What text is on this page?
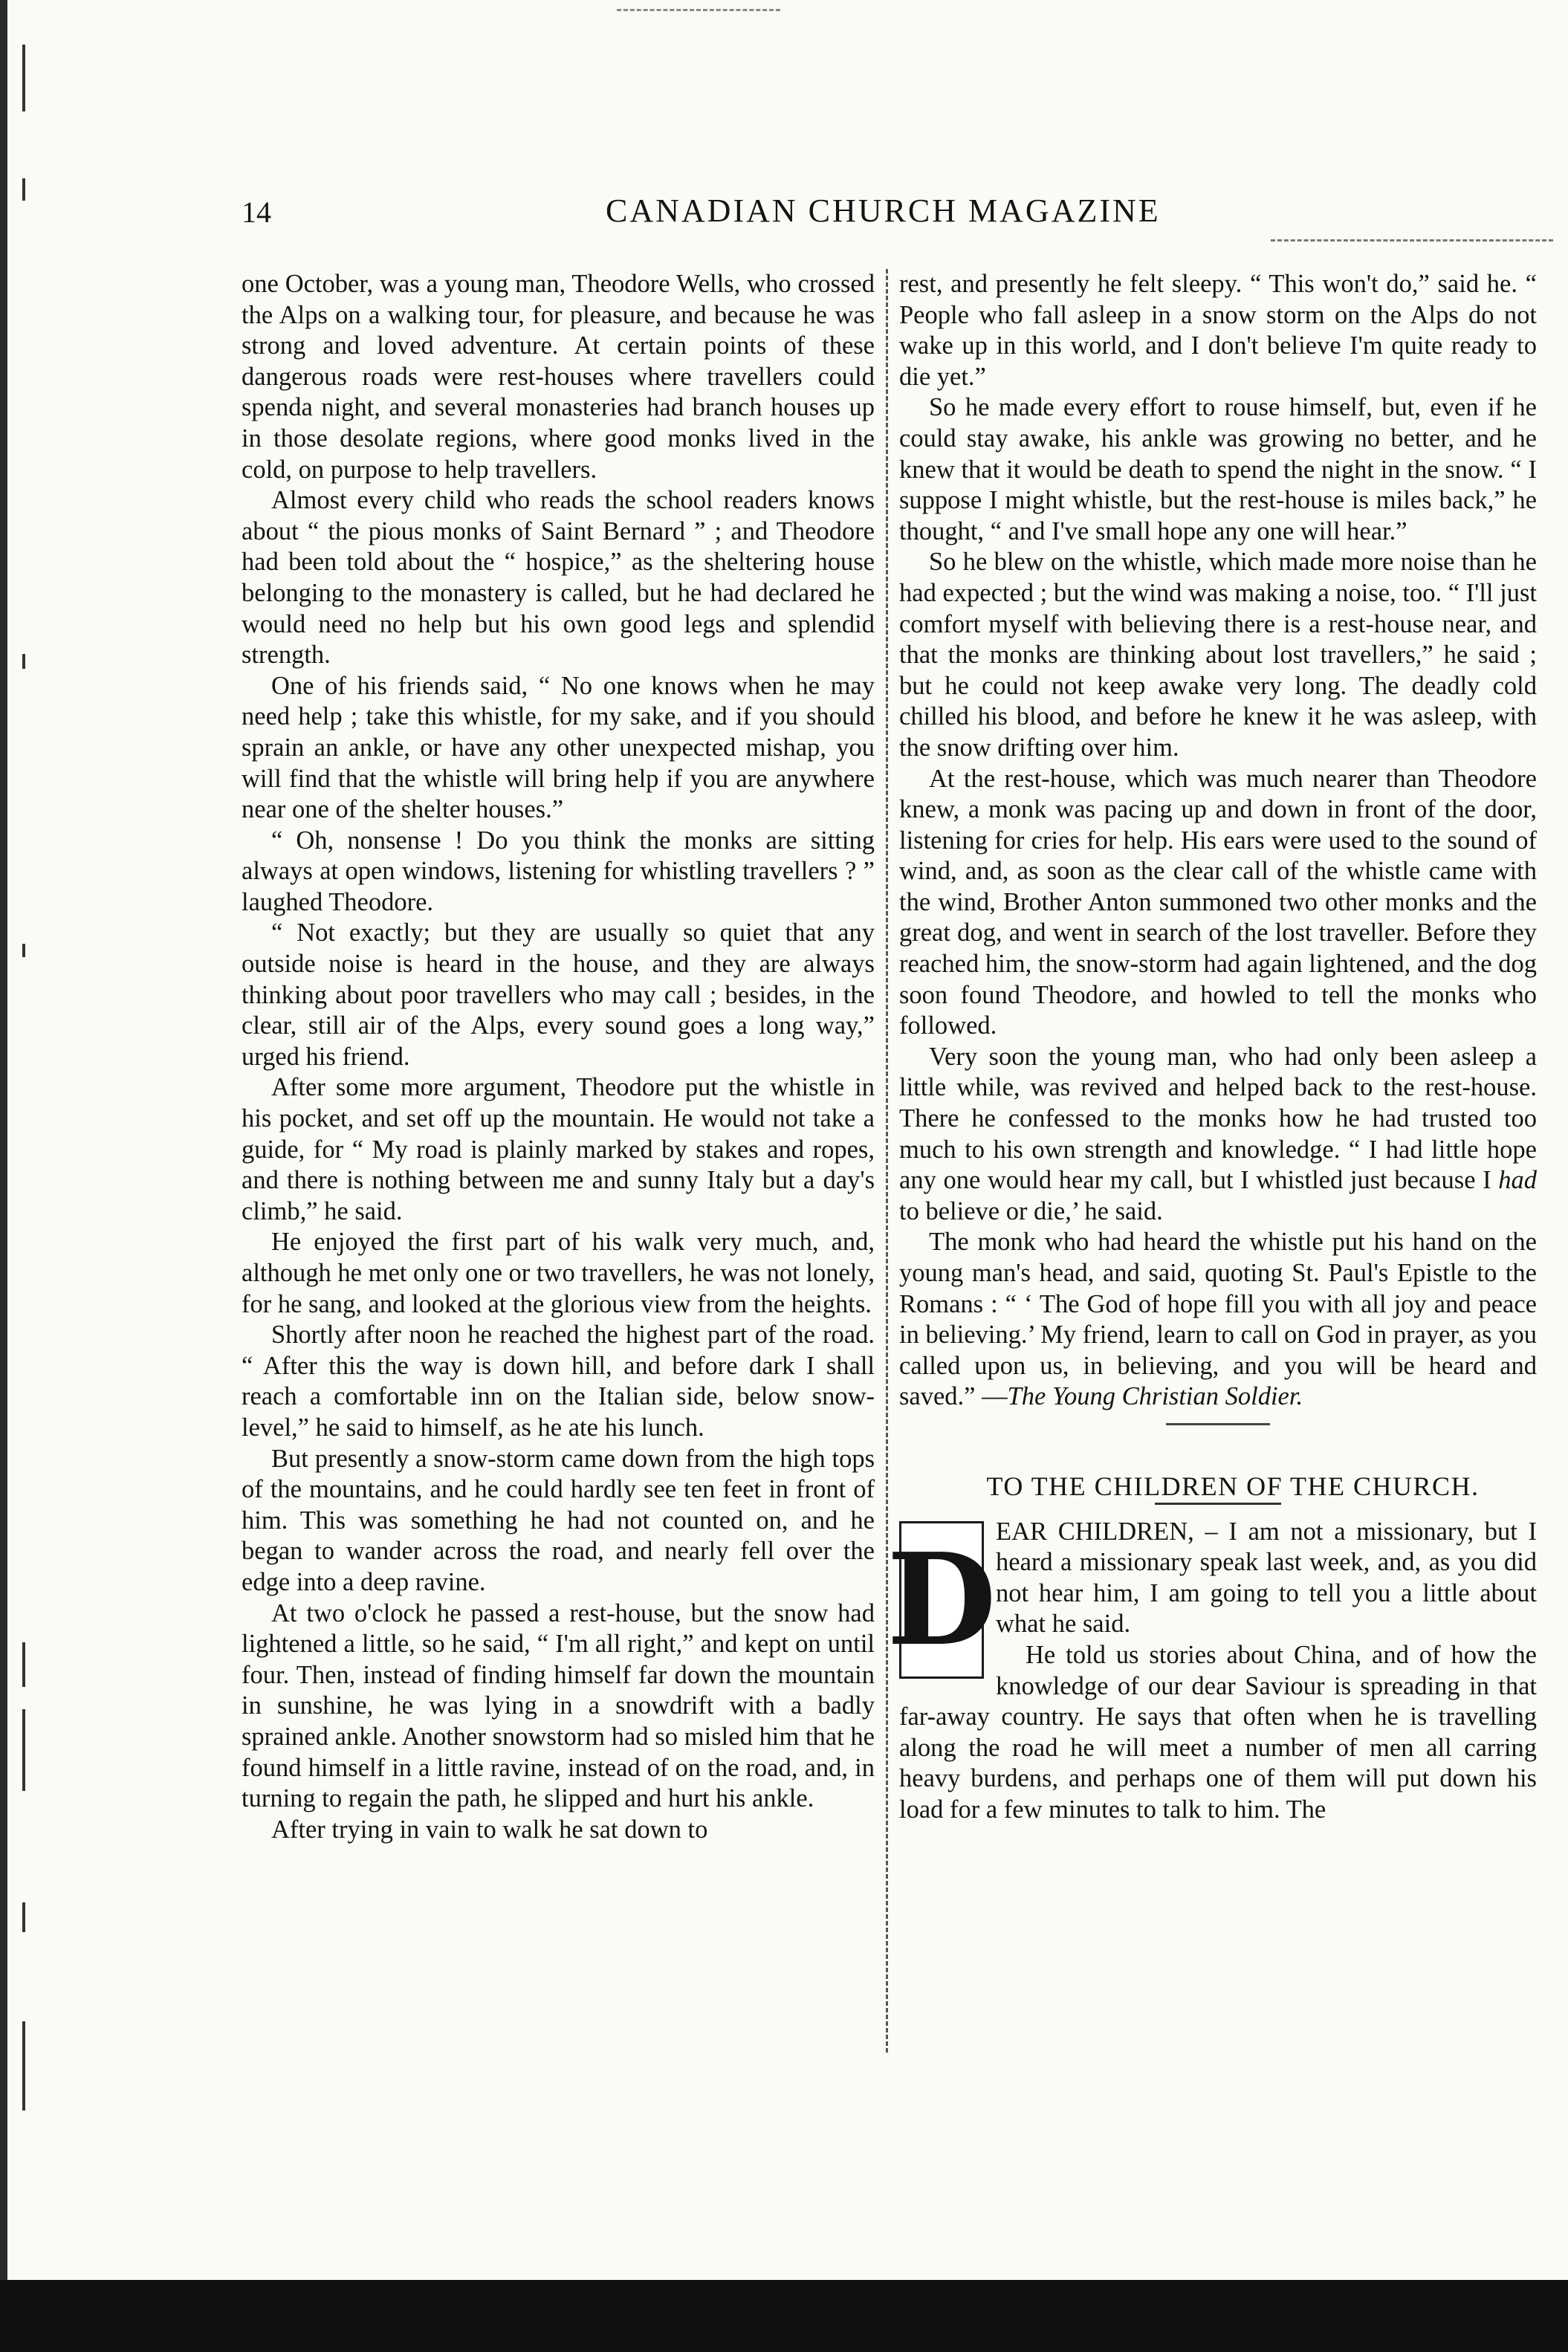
14	CANADIAN CHURCH MAGAZINE

one October, was a young man, Theodore Wells, who crossed the Alps on a walking tour, for pleasure, and because he was strong and loved adventure. At certain points of these dangerous roads were rest-houses where travellers could spenda night, and several monasteries had branch houses up in those desolate regions, where good monks lived in the cold, on purpose to help travellers.

Almost every child who reads the school readers knows about “ the pious monks of Saint Bernard ” ; and Theodore had been told about the “ hospice,” as the sheltering house belonging to the monastery is called, but he had declared he would need no help but his own good legs and splendid strength.

One of his friends said, “ No one knows when he may need help ; take this whistle, for my sake, and if you should sprain an ankle, or have any other unexpected mishap, you will find that the whistle will bring help if you are anywhere near one of the shelter houses.”

“ Oh, nonsense ! Do you think the monks are sitting always at open windows, listening for whistling travellers ? ” laughed Theodore.

“ Not exactly; but they are usually so quiet that any outside noise is heard in the house, and they are always thinking about poor travellers who may call ; besides, in the clear, still air of the Alps, every sound goes a long way,” urged his friend.

After some more argument, Theodore put the whistle in his pocket, and set off up the mountain. He would not take a guide, for “ My road is plainly marked by stakes and ropes, and there is nothing between me and sunny Italy but a day's climb,” he said.

He enjoyed the first part of his walk very much, and, although he met only one or two travellers, he was not lonely, for he sang, and looked at the glorious view from the heights.

Shortly after noon he reached the highest part of the road. “ After this the way is down hill, and before dark I shall reach a comfortable inn on the Italian side, below snow-level,” he said to himself, as he ate his lunch.

But presently a snow-storm came down from the high tops of the mountains, and he could hardly see ten feet in front of him. This was something he had not counted on, and he began to wander across the road, and nearly fell over the edge into a deep ravine.

At two o'clock he passed a rest-house, but the snow had lightened a little, so he said, “ I'm all right,” and kept on until four. Then, instead of finding himself far down the mountain in sunshine, he was lying in a snowdrift with a badly sprained ankle. Another snowstorm had so misled him that he found himself in a little ravine, instead of on the road, and, in turning to regain the path, he slipped and hurt his ankle.

After trying in vain to walk he sat down to

rest, and presently he felt sleepy. “ This won't do,” said he. “ People who fall asleep in a snow storm on the Alps do not wake up in this world, and I don't believe I'm quite ready to die yet.”

So he made every effort to rouse himself, but, even if he could stay awake, his ankle was growing no better, and he knew that it would be death to spend the night in the snow. “ I suppose I might whistle, but the rest-house is miles back,” he thought, “ and I've small hope any one will hear.”

So he blew on the whistle, which made more noise than he had expected ; but the wind was making a noise, too. “ I'll just comfort myself with believing there is a rest-house near, and that the monks are thinking about lost travellers,” he said ; but he could not keep awake very long. The deadly cold chilled his blood, and before he knew it he was asleep, with the snow drifting over him.

At the rest-house, which was much nearer than Theodore knew, a monk was pacing up and down in front of the door, listening for cries for help. His ears were used to the sound of wind, and, as soon as the clear call of the whistle came with the wind, Brother Anton summoned two other monks and the great dog, and went in search of the lost traveller. Before they reached him, the snow-storm had again lightened, and the dog soon found Theodore, and howled to tell the monks who followed.

Very soon the young man, who had only been asleep a little while, was revived and helped back to the rest-house. There he confessed to the monks how he had trusted too much to his own strength and knowledge. “ I had little hope any one would hear my call, but I whistled just because I had to believe or die,’ he said.

The monk who had heard the whistle put his hand on the young man's head, and said, quoting St. Paul's Epistle to the Romans : “ ‘ The God of hope fill you with all joy and peace in believing.’ My friend, learn to call on God in prayer, as you called upon us, in believing, and you will be heard and saved.” —The Young Christian Soldier.

TO THE CHILDREN OF THE CHURCH.

D EAR CHILDREN, – I am not a missionary, but I heard a missionary speak last week, and, as you did not hear him, I am going to tell you a little about what he said.

He told us stories about China, and of how the knowledge of our dear Saviour is spreading in that far-away country. He says that often when he is travelling along the road he will meet a number of men all carring heavy burdens, and perhaps one of them will put down his load for a few minutes to talk to him. The
